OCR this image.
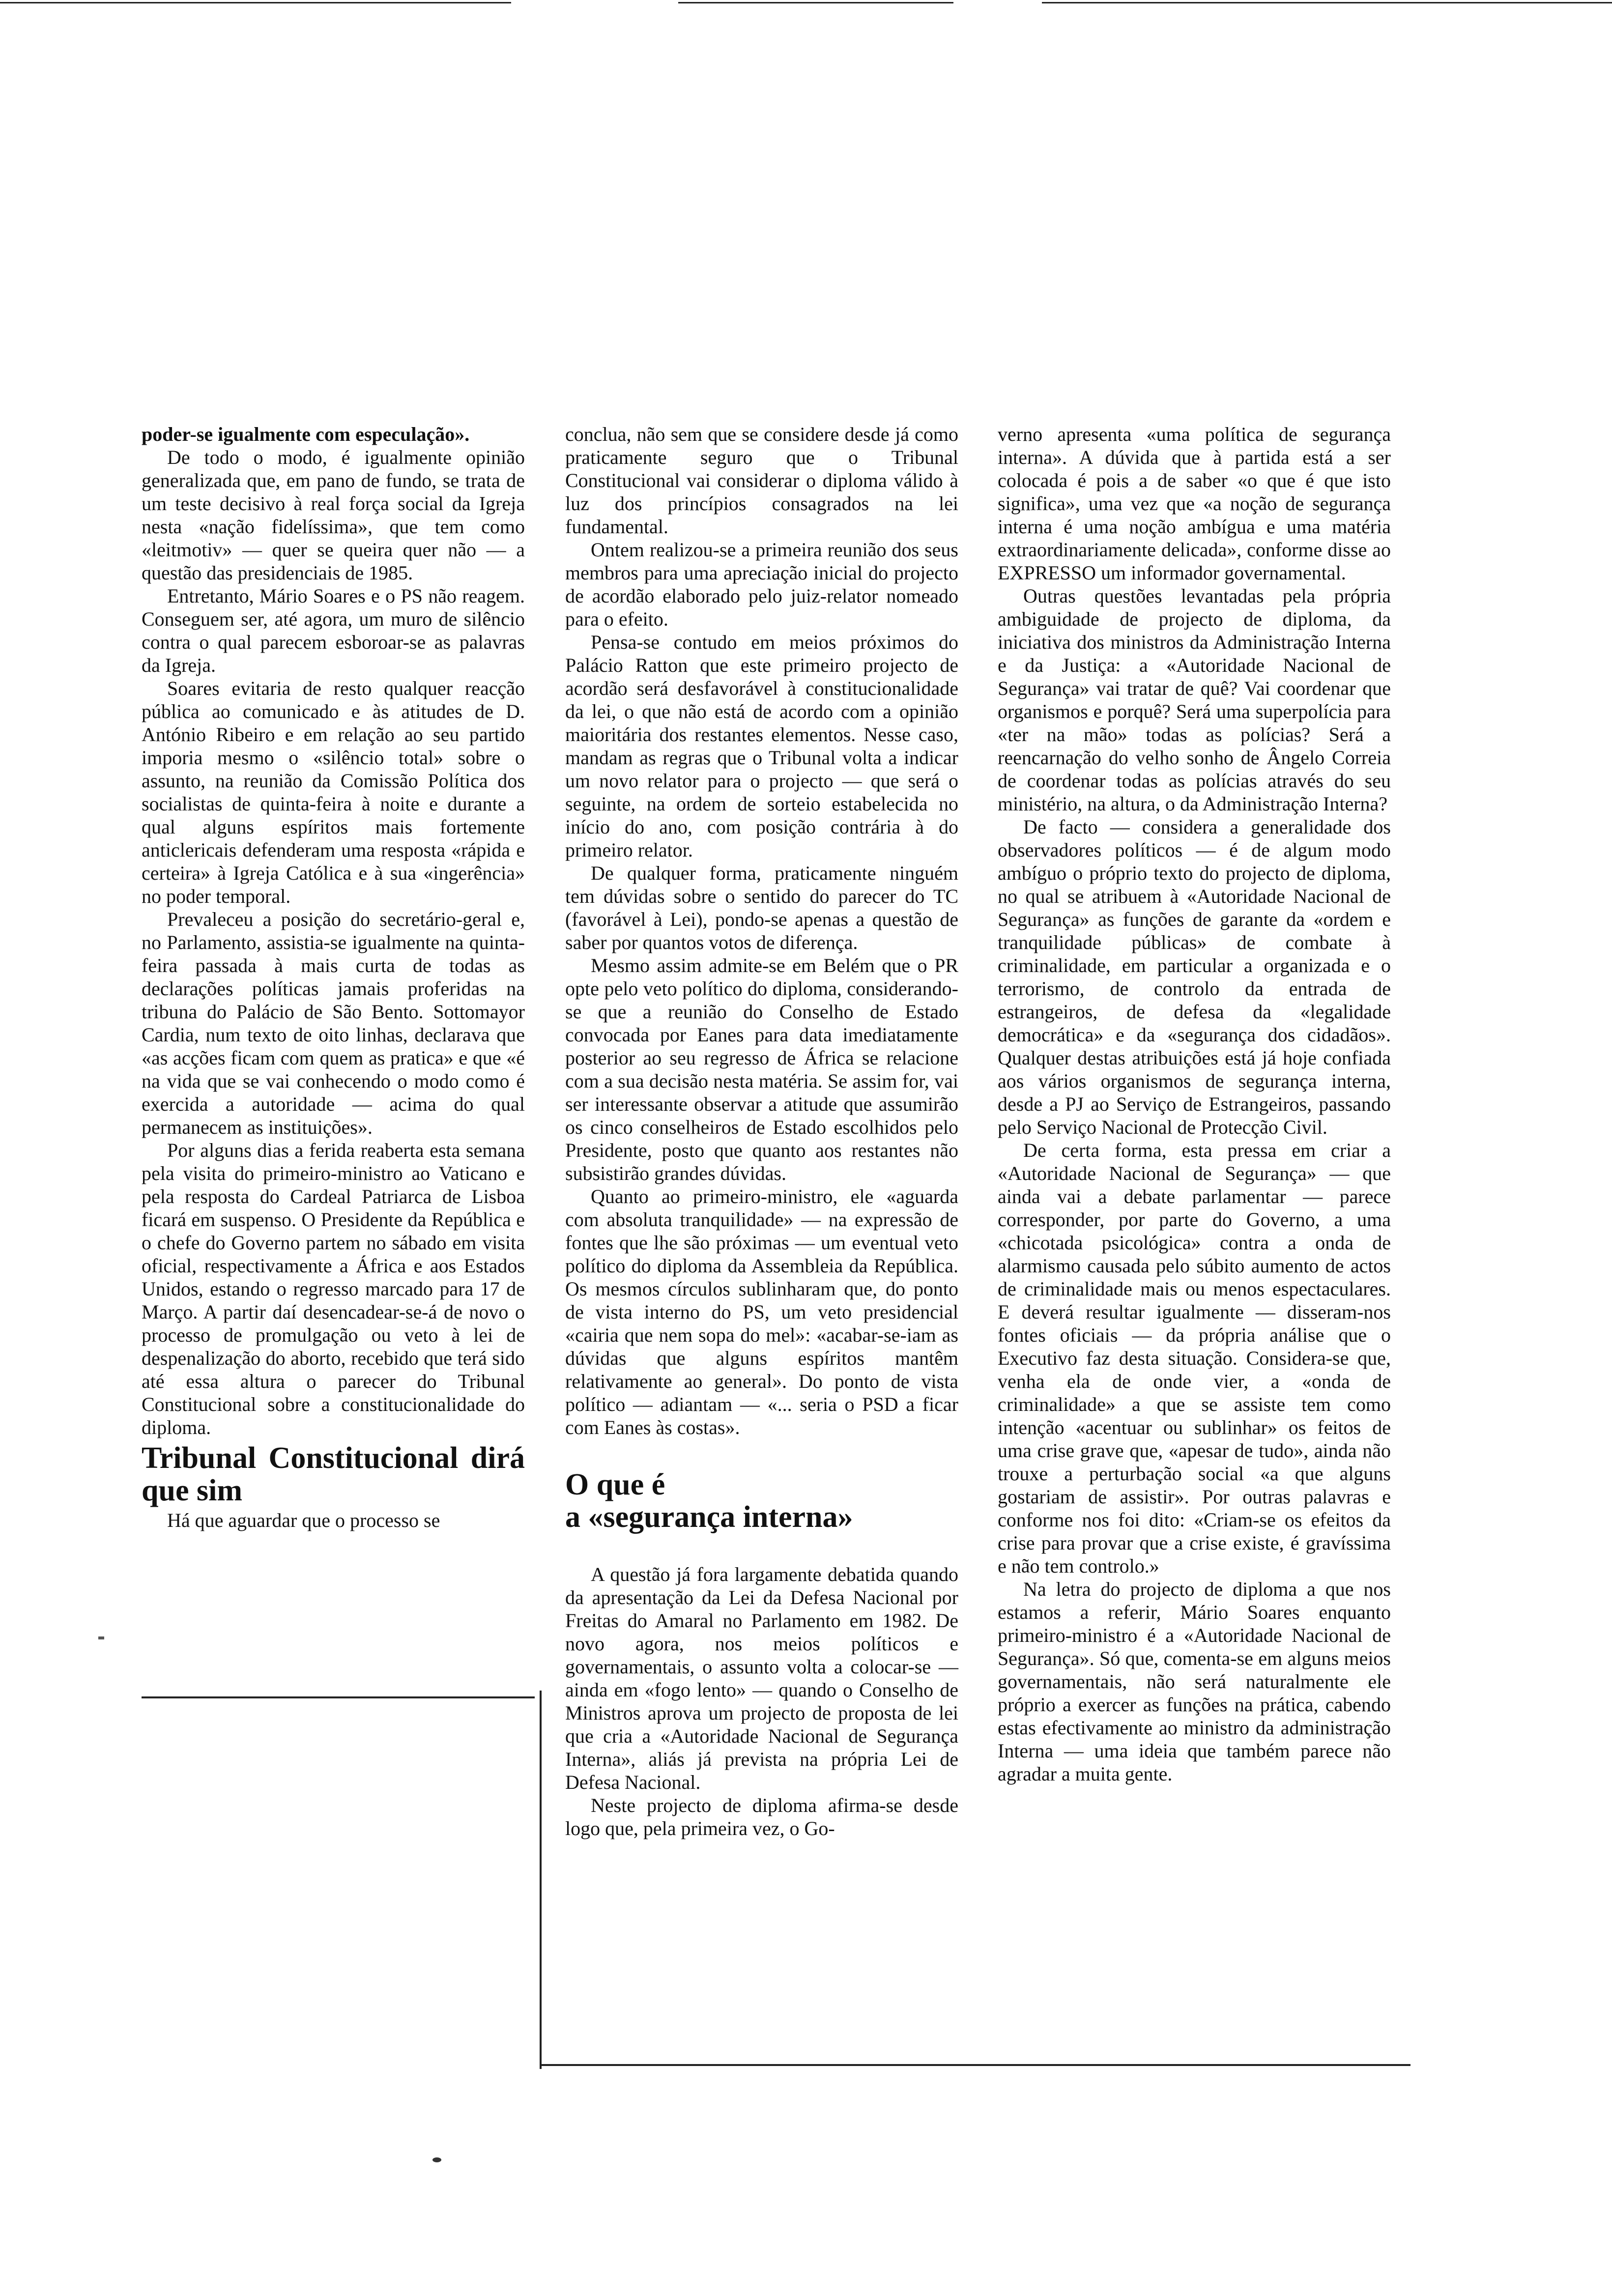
poder-se igualmente com especulação».

De todo o modo, é igualmente opinião generalizada que, em pano de fundo, se trata de um teste decisivo à real força social da Igreja nesta «nação fidelíssima», que tem como «leitmotiv» — quer se queira quer não — a questão das presidenciais de 1985.

Entretanto, Mário Soares e o PS não reagem. Conseguem ser, até agora, um muro de silêncio contra o qual parecem esboroar-se as palavras da Igreja.

Soares evitaria de resto qualquer reacção pública ao comunicado e às atitudes de D. António Ribeiro e em relação ao seu partido imporia mesmo o «silêncio total» sobre o assunto, na reunião da Comissão Política dos socialistas de quinta-feira à noite e durante a qual alguns espíritos mais fortemente anticlericais defenderam uma resposta «rápida e certeira» à Igreja Católica e à sua «ingerência» no poder temporal.

Prevaleceu a posição do secretário-geral e, no Parlamento, assistia-se igualmente na quinta-feira passada à mais curta de todas as declarações políticas jamais proferidas na tribuna do Palácio de São Bento. Sottomayor Cardia, num texto de oito linhas, declarava que «as acções ficam com quem as pratica» e que «é na vida que se vai conhecendo o modo como é exercida a autoridade — acima do qual permanecem as instituições».

Por alguns dias a ferida reaberta esta semana pela visita do primeiro-ministro ao Vaticano e pela resposta do Cardeal Patriarca de Lisboa ficará em suspenso. O Presidente da República e o chefe do Governo partem no sábado em visita oficial, respectivamente a África e aos Estados Unidos, estando o regresso marcado para 17 de Março. A partir daí desencadear-se-á de novo o processo de promulgação ou veto à lei de despenalização do aborto, recebido que terá sido até essa altura o parecer do Tribunal Constitucional sobre a constitucionalidade do diploma.

Tribunal Constitucional dirá que sim

Há que aguardar que o processo se

conclua, não sem que se considere desde já como praticamente seguro que o Tribunal Constitucional vai considerar o diploma válido à luz dos princípios consagrados na lei fundamental.

Ontem realizou-se a primeira reunião dos seus membros para uma apreciação inicial do projecto de acordão elaborado pelo juiz-relator nomeado para o efeito.

Pensa-se contudo em meios próximos do Palácio Ratton que este primeiro projecto de acordão será desfavorável à constitucionalidade da lei, o que não está de acordo com a opinião maioritária dos restantes elementos. Nesse caso, mandam as regras que o Tribunal volta a indicar um novo relator para o projecto — que será o seguinte, na ordem de sorteio estabelecida no início do ano, com posição contrária à do primeiro relator.

De qualquer forma, praticamente ninguém tem dúvidas sobre o sentido do parecer do TC (favorável à Lei), pondo-se apenas a questão de saber por quantos votos de diferença.

Mesmo assim admite-se em Belém que o PR opte pelo veto político do diploma, considerando-se que a reunião do Conselho de Estado convocada por Eanes para data imediatamente posterior ao seu regresso de África se relacione com a sua decisão nesta matéria. Se assim for, vai ser interessante observar a atitude que assumirão os cinco conselheiros de Estado escolhidos pelo Presidente, posto que quanto aos restantes não subsistirão grandes dúvidas.

Quanto ao primeiro-ministro, ele «aguarda com absoluta tranquilidade» — na expressão de fontes que lhe são próximas — um eventual veto político do diploma da Assembleia da República. Os mesmos círculos sublinharam que, do ponto de vista interno do PS, um veto presidencial «cairia que nem sopa do mel»: «acabar-se-iam as dúvidas que alguns espíritos mantêm relativamente ao general». Do ponto de vista político — adiantam — «... seria o PSD a ficar com Eanes às costas».

O que é
a «segurança interna»

A questão já fora largamente debatida quando da apresentação da Lei da Defesa Nacional por Freitas do Amaral no Parlamento em 1982. De novo agora, nos meios políticos e governamentais, o assunto volta a colocar-se — ainda em «fogo lento» — quando o Conselho de Ministros aprova um projecto de proposta de lei que cria a «Autoridade Nacional de Segurança Interna», aliás já prevista na própria Lei de Defesa Nacional.

Neste projecto de diploma afirma-se desde logo que, pela primeira vez, o Go-

verno apresenta «uma política de segurança interna». A dúvida que à partida está a ser colocada é pois a de saber «o que é que isto significa», uma vez que «a noção de segurança interna é uma noção ambígua e uma matéria extraordinariamente delicada», conforme disse ao EXPRESSO um informador governamental.

Outras questões levantadas pela própria ambiguidade de projecto de diploma, da iniciativa dos ministros da Administração Interna e da Justiça: a «Autoridade Nacional de Segurança» vai tratar de quê? Vai coordenar que organismos e porquê? Será uma superpolícia para «ter na mão» todas as polícias? Será a reencarnação do velho sonho de Ângelo Correia de coordenar todas as polícias através do seu ministério, na altura, o da Administração Interna?

De facto — considera a generalidade dos observadores políticos — é de algum modo ambíguo o próprio texto do projecto de diploma, no qual se atribuem à «Autoridade Nacional de Segurança» as funções de garante da «ordem e tranquilidade públicas» de combate à criminalidade, em particular a organizada e o terrorismo, de controlo da entrada de estrangeiros, de defesa da «legalidade democrática» e da «segurança dos cidadãos». Qualquer destas atribuições está já hoje confiada aos vários organismos de segurança interna, desde a PJ ao Serviço de Estrangeiros, passando pelo Serviço Nacional de Protecção Civil.

De certa forma, esta pressa em criar a «Autoridade Nacional de Segurança» — que ainda vai a debate parlamentar — parece corresponder, por parte do Governo, a uma «chicotada psicológica» contra a onda de alarmismo causada pelo súbito aumento de actos de criminalidade mais ou menos espectaculares. E deverá resultar igualmente — disseram-nos fontes oficiais — da própria análise que o Executivo faz desta situação. Considera-se que, venha ela de onde vier, a «onda de criminalidade» a que se assiste tem como intenção «acentuar ou sublinhar» os feitos de uma crise grave que, «apesar de tudo», ainda não trouxe a perturbação social «a que alguns gostariam de assistir». Por outras palavras e conforme nos foi dito: «Criam-se os efeitos da crise para provar que a crise existe, é gravíssima e não tem controlo.»

Na letra do projecto de diploma a que nos estamos a referir, Mário Soares enquanto primeiro-ministro é a «Autoridade Nacional de Segurança». Só que, comenta-se em alguns meios governamentais, não será naturalmente ele próprio a exercer as funções na prática, cabendo estas efectivamente ao ministro da administração Interna — uma ideia que também parece não agradar a muita gente.
